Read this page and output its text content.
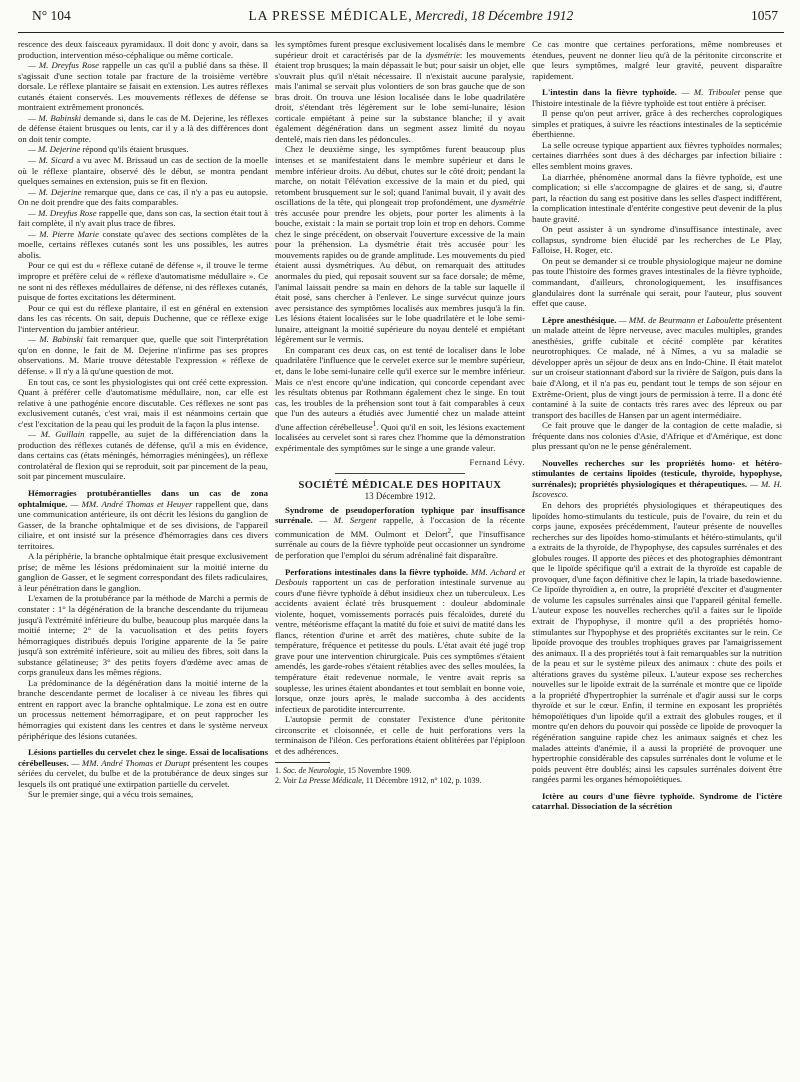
N° 104	LA PRESSE MÉDICALE, Mercredi, 18 Décembre 1912	1057

rescence des deux faisceaux pyramidaux. Il doit donc y avoir, dans sa production, intervention méso-céphalique ou même corticale.

— M. Dreyfus Rose rappelle un cas qu'il a publié dans sa thèse. Il s'agissait d'une section totale par fracture de la troisième vertèbre dorsale. Le réflexe plantaire se faisait en extension. Les autres réflexes cutanés étaient conservés. Les mouvements réflexes de défense se montraient extrêmement prononcés.

— M. Babinski demande si, dans le cas de M. Dejerine, les réflexes de défense étaient brusques ou lents, car il y a là des différences dont on doit tenir compte.

— M. Dejerine répond qu'ils étaient brusques.

— M. Sicard a vu avec M. Brissaud un cas de section de la moelle où le réflexe plantaire, observé dès le début, se montra pendant quelques semaines en extension, puis se fit en flexion.

— M. Dejerine remarque que, dans ce cas, il n'y a pas eu autopsie. On ne doit prendre que des faits comparables.

— M. Dreyfus Rose rappelle que, dans son cas, la section était tout à fait complète, il n'y avait plus trace de fibres.

— M. Pierre Marie constate qu'avec des sections complètes de la moelle, certains réflexes cutanés sont les uns possibles, les autres abolis.

Pour ce qui est du « réflexe cutané de défense », il trouve le terme impropre et préfère celui de « réflexe d'automatisme médullaire ». Ce ne sont ni des réflexes médullaires de défense, ni des réflexes cutanés, puisque de fortes excitations les déterminent.

Pour ce qui est du réflexe plantaire, il est en général en extension dans les cas récents. On sait, depuis Duchenne, que ce réflexe exige l'intervention du jambier antérieur.

— M. Babinski fait remarquer que, quelle que soit l'interprétation qu'on en donne, le fait de M. Dejerine n'infirme pas ses propres observations. M. Marie trouve détestable l'expression « réflexe de défense. » Il n'y a là qu'une question de mot.

En tout cas, ce sont les physiologistes qui ont créé cette expression. Quant à préférer celle d'automatisme médullaire, non, car elle est relative à une pathogénie encore discutable. Ces réflexes ne sont pas exclusivement cutanés, c'est vrai, mais il est néanmoins certain que c'est l'excitation de la peau qui les produit de la façon la plus intense.

— M. Guillain rappelle, au sujet de la différenciation dans la production des réflexes cutanés de défense, qu'il a mis en évidence, dans certains cas (états méningés, hémorragies méningées), un réflexe controlatéral de flexion qui se reproduit, soit par pincement de la peau, soit par pincement musculaire.

Hémorragies protubérantielles dans un cas de zona ophtalmique. — MM. André Thomas et Heuyer rappellent que, dans une communication antérieure, ils ont décrit les lésions du ganglion de Gasser, de la branche ophtalmique et de ses divisions, de l'appareil ciliaire, et ont insisté sur la présence d'hémorragies dans ces divers territoires.

A la périphérie, la branche ophtalmique était presque exclusivement prise; de même les lésions prédominaient sur la moitié interne du ganglion de Gasser, et le segment correspondant des filets radiculaires, à leur pénétration dans le ganglion.

L'examen de la protubérance par la méthode de Marchi a permis de constater : 1° la dégénération de la branche descendante du trijumeau jusqu'à l'extrémité inférieure du bulbe, beaucoup plus marquée dans la moitié interne; 2° de la vacuolisation et des petits foyers hémorragiques distribués depuis l'origine apparente de la 5e paire jusqu'à son extrémité inférieure, soit au milieu des fibres, soit dans la substance gélatineuse; 3° des petits foyers d'œdème avec amas de corps granuleux dans les mêmes régions.

La prédominance de la dégénération dans la moitié interne de la branche descendante permet de localiser à ce niveau les fibres qui entrent en rapport avec la branche ophtalmique. Le zona est en outre un processus nettement hémorragipare, et on peut rapprocher les hémorragies qui existent dans les centres et dans le système nerveux périphérique des lésions cutanées.

Lésions partielles du cervelet chez le singe. Essai de localisations cérébelleuses. — MM. André Thomas et Durupt présentent les coupes sériées du cervelet, du bulbe et de la protubérance de deux singes sur lesquels ils ont pratiqué une extirpation partielle du cervelet.

Sur le premier singe, qui a vécu trois semaines,

les symptômes furent presque exclusivement localisés dans le membre supérieur droit et caractérisés par de la dysmétrie: les mouvements étaient trop brusques; la main dépassait le but; pour saisir un objet, elle s'ouvrait plus qu'il n'était nécessaire. Il n'existait aucune paralysie, mais l'animal se servait plus volontiers de son bras gauche que de son bras droit. On trouva une lésion localisée dans le lobe quadrilatère droit, s'étendant très légèrement sur le lobe semi-lunaire, lésion corticale empiétant à peine sur la substance blanche; il y avait également dégénération dans un segment assez limité du noyau dentelé, mais rien dans les pédoncules.

Chez le deuxième singe, les symptômes furent beaucoup plus intenses et se manifestaient dans le membre supérieur et dans le membre inférieur droits. Au début, chutes sur le côté droit; pendant la marche, on notait l'élévation excessive de la main et du pied, qui retombent brusquement sur le sol; quand l'animal buvait, il y avait des oscillations de la tête, qui plongeait trop profondément, une dysmétrie très accusée pour prendre les objets, pour porter les aliments à la bouche, existait : la main se portait trop loin et trop en dehors. Comme chez le singe précédent, on observait l'ouverture excessive de la main pour la préhension. La dysmétrie était très accusée pour les mouvements rapides ou de grande amplitude. Les mouvements du pied étaient aussi dysmétriques. Au début, on remarquait des attitudes anormales du pied, qui reposait souvent sur sa face dorsale; de même, l'animal laissait pendre sa main en dehors de la table sur laquelle il était posé, sans chercher à l'enlever. Le singe survécut quinze jours avec persistance des symptômes localisés aux membres jusqu'à la fin. Les lésions étaient localisées sur le lobe quadrilatère et le lobe semi-lunaire, atteignant la moitié supérieure du noyau dentelé et empiétant légèrement sur le vermis.

En comparant ces deux cas, on est tenté de localiser dans le lobe quadrilatère l'influence que le cervelet exerce sur le membre supérieur, et, dans le lobe semi-lunaire celle qu'il exerce sur le membre inférieur. Mais ce n'est encore qu'une indication, qui concorde cependant avec les résultats obtenus par Rothmann également chez le singe. En tout cas, les troubles de la préhension sont tout à fait comparables à ceux que l'un des auteurs a étudiés avec Jumentié chez un malade atteint d'une affection cérébelleuse$^1$. Quoi qu'il en soit, les lésions exactement localisées au cervelet sont si rares chez l'homme que la démonstration expérimentale des symptômes sur le singe a une grande valeur.

Fernand Lévy.
SOCIÉTÉ MÉDICALE DES HOPITAUX
13 Décembre 1912.

Syndrome de pseudoperforation typhique par insuffisance surrénale. — M. Sergent rappelle, à l'occasion de la récente communication de MM. Oulmont et Delort$^2$, que l'insuffisance surrénale au cours de la fièvre typhoïde peut occasionner un syndrome de perforation que l'emploi du sérum adrénaliné fait disparaître.

Perforations intestinales dans la fièvre typhoïde. MM. Achard et Desbouis rapportent un cas de perforation intestinale survenue au cours d'une fièvre typhoïde à début insidieux chez un tuberculeux. Les accidents avaient éclaté très brusquement : douleur abdominale violente, hoquet, vomissements porracés puis fécaloïdes, dureté du ventre, météorisme effaçant la matité du foie et suivi de matité dans les flancs, rétention d'urine et arrêt des matières, chute subite de la température, fréquence et petitesse du pouls. L'état avait été jugé trop grave pour une intervention chirurgicale. Puis ces symptômes s'étaient amendés, les garde-robes s'étaient rétablies avec des selles moulées, la température était redevenue normale, le ventre avait repris sa souplesse, les urines étaient abondantes et tout semblait en bonne voie, lorsque, onze jours après, le malade succomba à des accidents infectieux de parotidite intercurrente.

L'autopsie permit de constater l'existence d'une péritonite circonscrite et cloisonnée, et celle de huit perforations vers la terminaison de l'iléon. Ces perforations étaient oblitérées par l'épiploon et des adhérences.

1. Soc. de Neurologie, 15 Novembre 1909.

2. Voir La Presse Médicale, 11 Décembre 1912, n° 102, p. 1039.

Ce cas montre que certaines perforations, même nombreuses et étendues, peuvent ne donner lieu qu'à de la péritonite circonscrite et que leurs symptômes, malgré leur gravité, peuvent disparaître rapidement.

L'intestin dans la fièvre typhoïde. — M. Triboulet pense que l'histoire intestinale de la fièvre typhoïde est tout entière à préciser.

Il pense qu'on peut arriver, grâce à des recherches coprologiques simples et pratiques, à suivre les réactions intestinales de la septicémie éberthienne.

La selle ocreuse typique appartient aux fièvres typhoïdes normales; certaines diarrhées sont dues à des décharges par infection biliaire : elles semblent moins graves.

La diarrhée, phénomène anormal dans la fièvre typhoïde, est une complication; si elle s'accompagne de glaires et de sang, si, d'autre part, la réaction du sang est positive dans les selles d'aspect indifférent, la complication intestinale d'entérite congestive peut devenir de la plus haute gravité.

On peut assister à un syndrome d'insuffisance intestinale, avec collapsus, syndrome bien élucidé par les recherches de Le Play, Falloise, H. Roger, etc.

On peut se demander si ce trouble physiologique majeur ne domine pas toute l'histoire des formes graves intestinales de la fièvre typhoïde, commandant, d'ailleurs, chronologiquement, les insuffisances glandulaires dont la surrénale qui serait, pour l'auteur, plus souvent effet que cause.

Lèpre anesthésique. — MM. de Beurmann et Laboulette présentent un malade atteint de lèpre nerveuse, avec macules multiples, grandes anesthésies, griffe cubitale et cécité complète par kératites neurotrophiques. Ce malade, né à Nîmes, a vu sa maladie se développer après un séjour de deux ans en Indo-Chine. Il était matelot sur un croiseur stationnant d'abord sur la rivière de Saïgon, puis dans la baie d'Along, et il n'a pas eu, pendant tout le temps de son séjour en Extrême-Orient, plus de vingt jours de permission à terre. Il a donc été contaminé à la suite de contacts très rares avec des lépreux ou par transport des bacilles de Hansen par un agent intermédiaire.

Ce fait prouve que le danger de la contagion de cette maladie, si fréquente dans nos colonies d'Asie, d'Afrique et d'Amérique, est donc plus pressant qu'on ne le pense généralement.

Nouvelles recherches sur les propriétés homo- et hétéro-stimulantes de certains lipoïdes (testicule, thyroïde, hypophyse, surrénales); propriétés physiologiques et thérapeutiques. — M. H. Iscovesco.

En dehors des propriétés physiologiques et thérapeutiques des lipoïdes homo-stimulants du testicule, puis de l'ovaire, du rein et du corps jaune, exposées précédemment, l'auteur présente de nouvelles recherches sur des lipoïdes homo-stimulants et hétéro-stimulants, qu'il a extraits de la thyroïde, de l'hypophyse, des capsules surrénales et des globules rouges. Il apporte des pièces et des photographies démontrant que le lipoïde spécifique qu'il a extrait de la thyroïde est capable de provoquer, d'une façon définitive chez le lapin, la triade basedowienne. Ce lipoïde thyroïdien a, en outre, la propriété d'exciter et d'augmenter de volume les capsules surrénales ainsi que l'appareil génital femelle. L'auteur expose les nouvelles recherches qu'il a faites sur le lipoïde extrait de l'hypophyse, il montre qu'il a des propriétés homo-stimulantes sur l'hypophyse et des propriétés excitantes sur le rein. Ce lipoïde provoque des troubles trophiques graves par l'amaigrissement des animaux. Il a des propriétés tout à fait remarquables sur la nutrition de la peau et sur le système pileux des animaux : chute des poils et altérations graves du système pileux. L'auteur expose ses recherches nouvelles sur le lipoïde extrait de la surrénale et montre que ce lipoïde a la propriété d'hypertrophier la surrénale et d'agir aussi sur le corps thyroïde et sur le cœur. Enfin, il termine en exposant les propriétés hémopoïétiques d'un lipoïde qu'il a extrait des globules rouges, et il montre qu'en dehors du pouvoir qui possède ce lipoïde de provoquer la régénération sanguine rapide chez les animaux saignés et chez les malades atteints d'anémie, il a aussi la propriété de provoquer une hypertrophie considérable des capsules surrénales dont le volume et le poids peuvent être doublés; ainsi les capsules surrénales doivent être rangées parmi les organes hémopoïétiques.

Ictère au cours d'une fièvre typhoïde. Syndrome de l'ictère catarrhal. Dissociation de la sécrétion
